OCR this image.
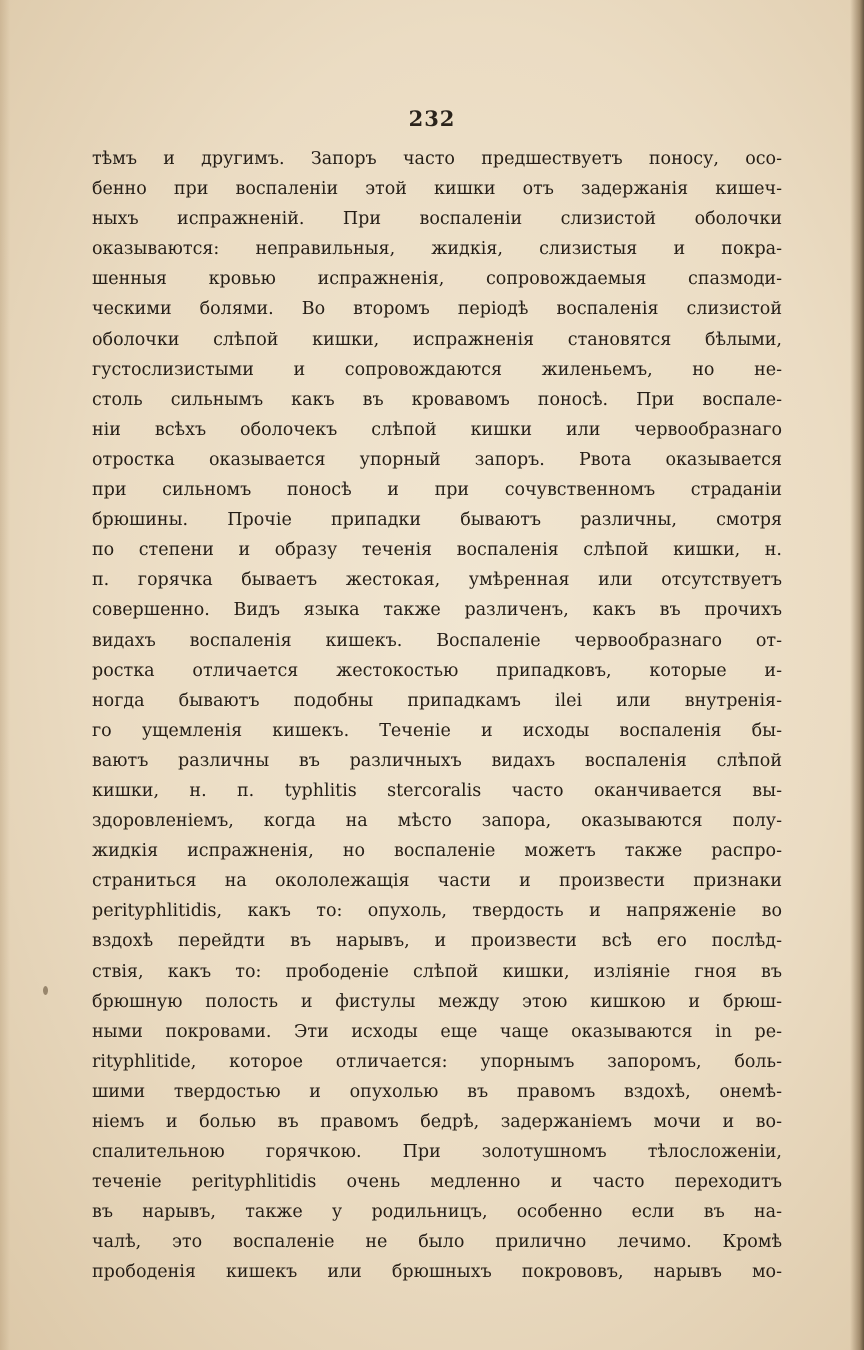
232
тѣмъ и другимъ. Запоръ часто предшествуетъ поносу, осо-
бенно при воспаленіи этой кишки отъ задержанія кишеч-
ныхъ испражненій. При воспаленіи слизистой оболочки
оказываются: неправильныя, жидкія, слизистыя и покра-
шенныя кровью испражненія, сопровождаемыя спазмоди-
ческими болями. Во второмъ періодѣ воспаленія слизистой
оболочки слѣпой кишки, испражненія становятся бѣлыми,
густослизистыми и сопровождаются жиленьемъ, но не-
столь сильнымъ какъ въ кровавомъ поносѣ. При воспале-
ніи всѣхъ оболочекъ слѣпой кишки или червообразнаго
отростка оказывается упорный запоръ. Рвота оказывается
при сильномъ поносѣ и при сочувственномъ страданіи
брюшины. Прочіе припадки бываютъ различны, смотря
по степени и образу теченія воспаленія слѣпой кишки, н.
п. горячка бываетъ жестокая, умѣренная или отсутствуетъ
совершенно. Видъ языка также различенъ, какъ въ прочихъ
видахъ воспаленія кишекъ. Воспаленіе червообразнаго от-
ростка отличается жестокостью припадковъ, которые и-
ногда бываютъ подобны припадкамъ ilei или внутренія-
го ущемленія кишекъ. Теченіе и исходы воспаленія бы-
ваютъ различны въ различныхъ видахъ воспаленія слѣпой
кишки, н. п. typhlitis stercoralis часто оканчивается вы-
здоровленіемъ, когда на мѣсто запора, оказываются полу-
жидкія испражненія, но воспаленіе можетъ также распро-
страниться на окололежащія части и произвести признаки
perityphlitidis, какъ то: опухоль, твердость и напряженіе во
вздохѣ перейдти въ нарывъ, и произвести всѣ его послѣд-
ствія, какъ то: прободеніе слѣпой кишки, изліяніе гноя въ
брюшную полость и фистулы между этою кишкою и брюш-
ными покровами. Эти исходы еще чаще оказываются in pe-
rityphlitide, которое отличается: упорнымъ запоромъ, боль-
шими твердостью и опухолью въ правомъ вздохѣ, онемѣ-
ніемъ и болью въ правомъ бедрѣ, задержаніемъ мочи и во-
спалительною горячкою. При золотушномъ тѣлосложеніи,
теченіе perityphlitidis очень медленно и часто переходитъ
въ нарывъ, также у родильницъ, особенно если въ на-
чалѣ, это воспаленіе не было прилично лечимо. Кромѣ
прободенія кишекъ или брюшныхъ покрововъ, нарывъ мо-
